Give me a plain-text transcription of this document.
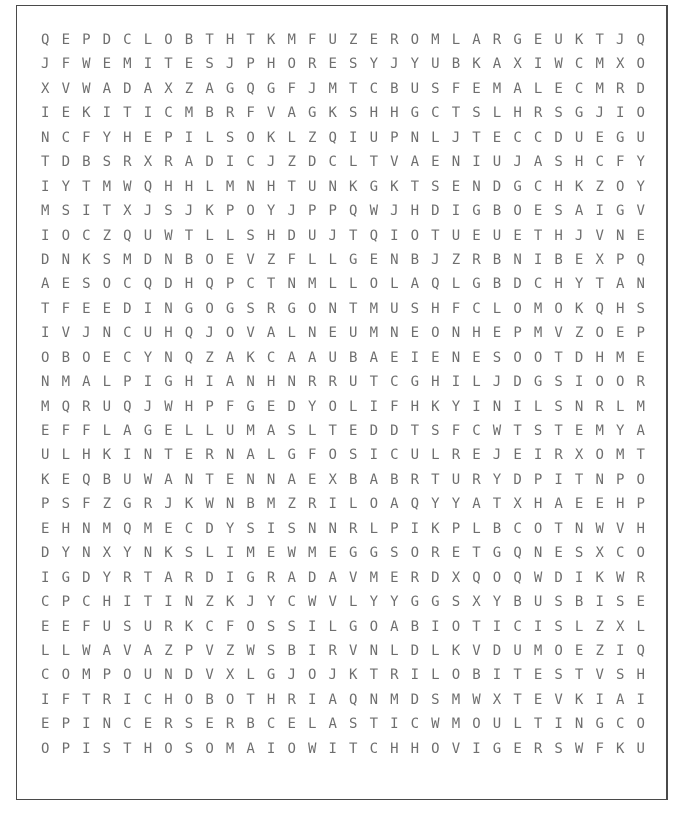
Q E P D C L O B T H T K M F U Z E R O M L A R G E U K T J Q
J F W E M I T E S J P H O R E S Y J Y U B K A X I W C M X O
X V W A D A X Z A G Q G F J M T C B U S F E M A L E C M R D
I E K I T I C M B R F V A G K S H H G C T S L H R S G J I O
N C F Y H E P I L S O K L Z Q I U P N L J T E C C D U E G U
T D B S R X R A D I C J Z D C L T V A E N I U J A S H C F Y
I Y T M W Q H H L M N H T U N K G K T S E N D G C H K Z O Y
M S I T X J S J K P O Y J P P Q W J H D I G B O E S A I G V
I O C Z Q U W T L L S H D U J T Q I O T U E U E T H J V N E
D N K S M D N B O E V Z F L L G E N B J Z R B N I B E X P Q
A E S O C Q D H Q P C T N M L L O L A Q L G B D C H Y T A N
T F E E D I N G O G S R G O N T M U S H F C L O M O K Q H S
I V J N C U H Q J O V A L N E U M N E O N H E P M V Z O E P
O B O E C Y N Q Z A K C A A U B A E I E N E S O O T D H M E
N M A L P I G H I A N H N R R U T C G H I L J D G S I O O R
M Q R U Q J W H P F G E D Y O L I F H K Y I N I L S N R L M
E F F L A G E L L U M A S L T E D D T S F C W T S T E M Y A
U L H K I N T E R N A L G F O S I C U L R E J E I R X O M T
K E Q B U W A N T E N N A E X B A B R T U R Y D P I T N P O
P S F Z G R J K W N B M Z R I L O A Q Y Y A T X H A E E H P
E H N M Q M E C D Y S I S N N R L P I K P L B C O T N W V H
D Y N X Y N K S L I M E W M E G G S O R E T G Q N E S X C O
I G D Y R T A R D I G R A D A V M E R D X Q O Q W D I K W R
C P C H I T I N Z K J Y C W V L Y Y G G S X Y B U S B I S E
E E F U S U R K C F O S S I L G O A B I O T I C I S L Z X L
L L W A V A Z P V Z W S B I R V N L D L K V D U M O E Z I Q
C O M P O U N D V X L G J O J K T R I L O B I T E S T V S H
I F T R I C H O B O T H R I A Q N M D S M W X T E V K I A I
E P I N C E R S E R B C E L A S T I C W M O U L T I N G C O
O P I S T H O S O M A I O W I T C H H O V I G E R S W F K U
